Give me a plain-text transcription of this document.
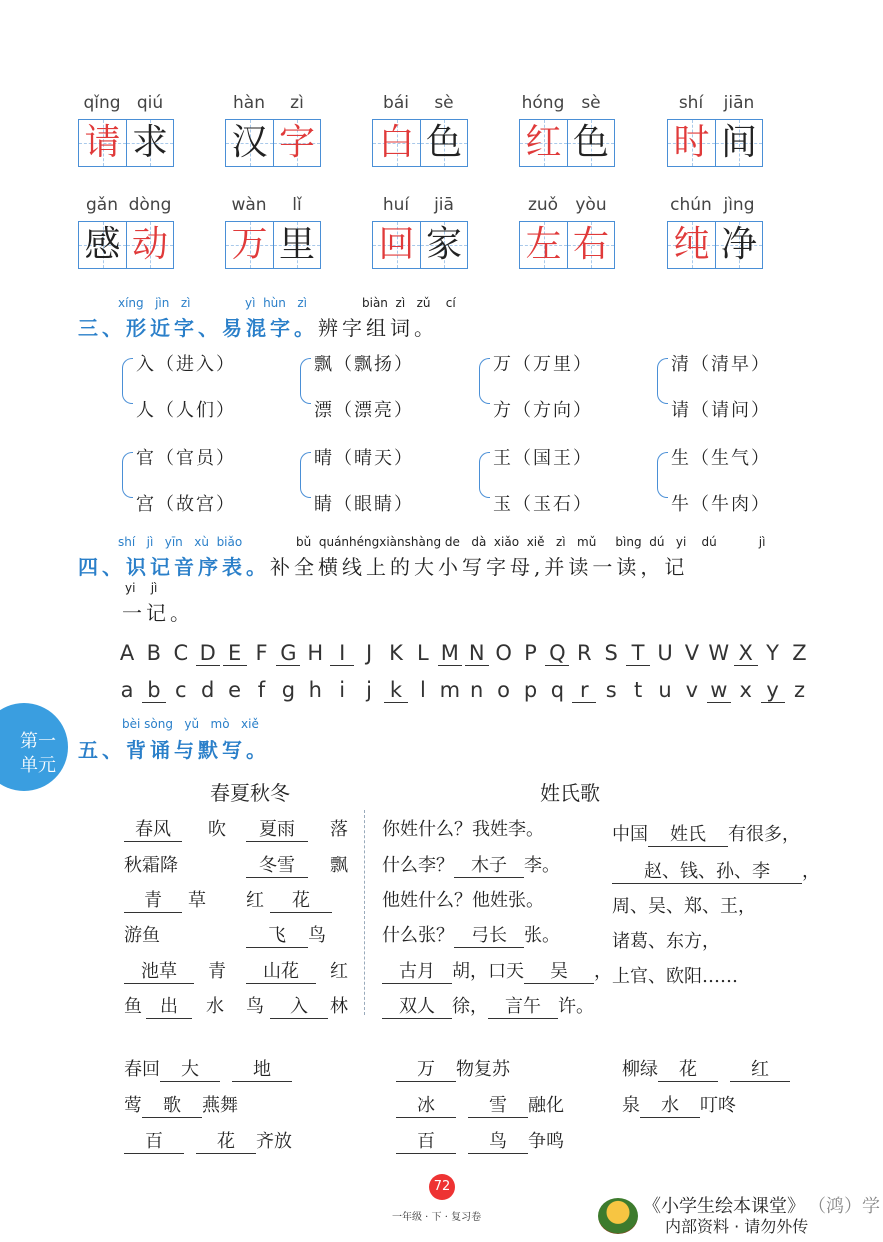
qǐng qiú
请 求
hàn	zì
汉 字
bái	sè
白 色
hóng sè
红 色
shí	jiān
时 间
gǎn dòng
感 动
wàn	lǐ
万 里
huí	jiā
回 家
zuǒ	yòu
左 右
chún jìng
纯 净
xíng   jìn   zì	yì  hùn   zì	biàn  zì   zǔ    cí
三、形近字、易混字。辨字组词。
入（进入）
人（人们）
飘（飘扬）
漂（漂亮）
万（万里）
方（方向）
清（清早）
请（请问）
官（官员）
宫（故宫）
晴（晴天）
睛（眼睛）
王（国王）
玉（玉石）
生（生气）
牛（牛肉）
shí   jì   yīn   xù  biǎo	bǔ  quánhéngxiànshàng de   dà  xiǎo  xiě   zì   mǔ     bìng  dú   yi    dú           jì
四、识记音序表。补全横线上的大小写字母,并读一读，记
yi    jì
一记。
A B C D E F G H I J K L M N O P Q R S T U V W X Y Z
a b c d e f g h i	j k l m n o p q r s t u v w x y z
第一
单元
bèi sòng   yǔ   mò   xiě
五、背诵与默写。
春夏秋冬	姓氏歌
春风	吹	夏雨	落
秋霜降	冬雪	飘
青	草 红	花
游鱼	飞	鸟
池草	青	山花	红
鱼	出	水 鸟	入	林
你姓什么？我姓李。
什么李？ 木子 李。
他姓什么？他姓张。
什么张？ 弓长 张。
古月 胡，口天 吴 ，
双人 徐， 言午 许。
中国 姓氏 有很多，
赵、钱、孙、李 ，
周、吴、郑、王，
诸葛、东方，
上官、欧阳……
春回 大	地
莺 歌 燕舞
百	花 齐放
万 物复苏
冰	雪 融化
百	鸟 争鸣
柳绿 花	红
泉 水 叮咚
72
一年级 · 下 · 复习卷
《小学生绘本课堂》 （鸿）学
内部资料 · 请勿外传
